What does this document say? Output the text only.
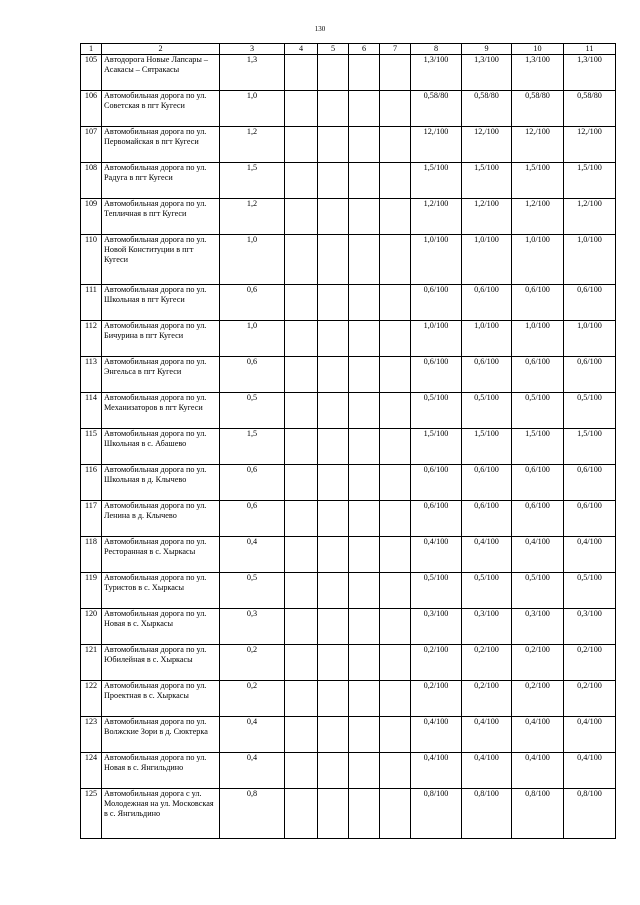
130
1	2	3	4	5	6	7	8	9	10	11
105	Автодорога Новые Лапсары – Асакасы – Сятракасы	1,3					1,3/100	1,3/100	1,3/100	1,3/100
106	Автомобильная дорога по ул. Советская в пгт Кугеси	1,0					0,58/80	0,58/80	0,58/80	0,58/80
107	Автомобильная дорога по ул. Первомайская в пгт Кугеси	1,2					12,/100	12,/100	12,/100	12,/100
108	Автомобильная дорога по ул. Радуга в пгт Кугеси	1,5					1,5/100	1,5/100	1,5/100	1,5/100
109	Автомобильная дорога по ул. Тепличная в пгт Кугеси	1,2					1,2/100	1,2/100	1,2/100	1,2/100
110	Автомобильная дорога по ул. Новой Конституции в пгт Кугеси	1,0					1,0/100	1,0/100	1,0/100	1,0/100
111	Автомобильная дорога по ул. Школьная в пгт Кугеси	0,6					0,6/100	0,6/100	0,6/100	0,6/100
112	Автомобильная дорога по ул. Бичурина в пгт Кугеси	1,0					1,0/100	1,0/100	1,0/100	1,0/100
113	Автомобильная дорога по ул. Энгельса в пгт Кугеси	0,6					0,6/100	0,6/100	0,6/100	0,6/100
114	Автомобильная дорога по ул. Механизаторов в пгт Кугеси	0,5					0,5/100	0,5/100	0,5/100	0,5/100
115	Автомобильная дорога по ул. Школьная в с. Абашево	1,5					1,5/100	1,5/100	1,5/100	1,5/100
116	Автомобильная дорога по ул. Школьная в д. Клычево	0,6					0,6/100	0,6/100	0,6/100	0,6/100
117	Автомобильная дорога по ул. Ленина в д. Клычево	0,6					0,6/100	0,6/100	0,6/100	0,6/100
118	Автомобильная дорога по ул. Ресторанная в с. Хыркасы	0,4					0,4/100	0,4/100	0,4/100	0,4/100
119	Автомобильная дорога по ул. Туристов в с. Хыркасы	0,5					0,5/100	0,5/100	0,5/100	0,5/100
120	Автомобильная дорога по ул. Новая в с. Хыркасы	0,3					0,3/100	0,3/100	0,3/100	0,3/100
121	Автомобильная дорога по ул. Юбилейная в с. Хыркасы	0,2					0,2/100	0,2/100	0,2/100	0,2/100
122	Автомобильная дорога по ул. Проектная в с. Хыркасы	0,2					0,2/100	0,2/100	0,2/100	0,2/100
123	Автомобильная дорога по ул. Волжские Зори в д. Сюктерка	0,4					0,4/100	0,4/100	0,4/100	0,4/100
124	Автомобильная дорога по ул. Новая в с. Янгильдино	0,4					0,4/100	0,4/100	0,4/100	0,4/100
125	Автомобильная дорога с ул. Молодежная на ул. Московская в с. Янгильдино	0,8					0,8/100	0,8/100	0,8/100	0,8/100
